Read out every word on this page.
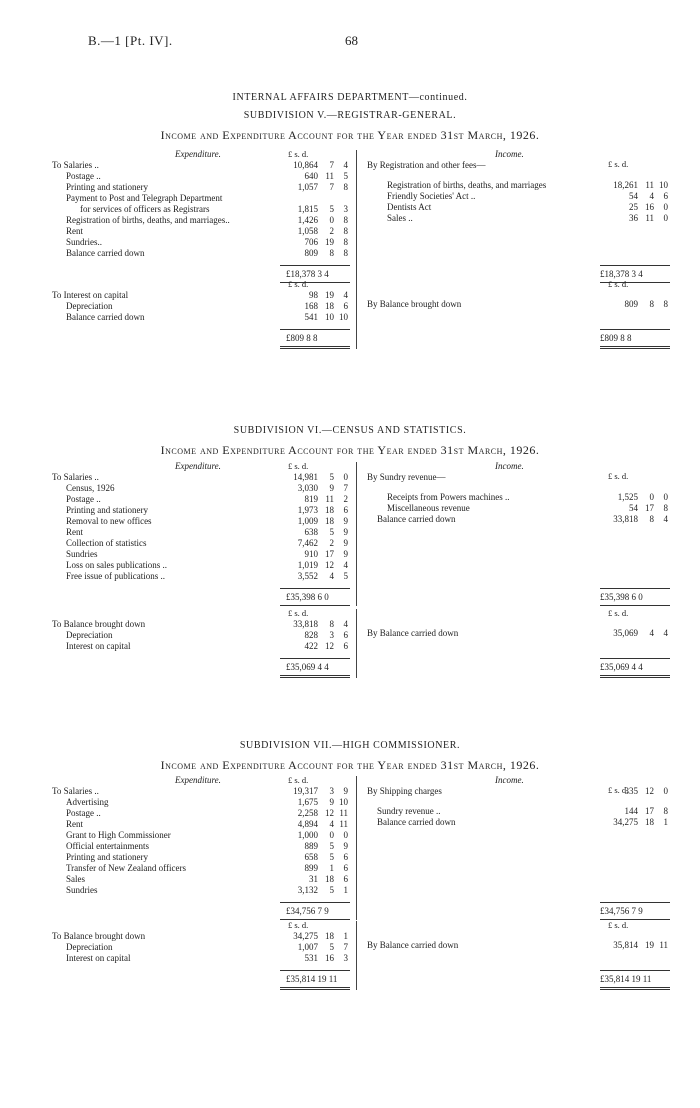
B.—1 [Pt. IV].	68
INTERNAL AFFAIRS DEPARTMENT—continued.
SUBDIVISION V.—REGISTRAR-GENERAL.
Income and Expenditure Account for the Year ended 31st March, 1926.
Expenditure.	Income.
£ s. d.
£ s. d.
To Salaries ..	10,864 7 4
Postage ..	640 11 5
Printing and stationery	1,057 7 8
Payment to Post and Telegraph Department
for services of officers as Registrars	1,815 5 3
Registration of births, deaths, and marriages..	1,426 0 8
Rent	1,058 2 8
Sundries..	706 19 8
Balance carried down	809 8 8
By Registration and other fees—
Registration of births, deaths, and marriages	18,261 11 10
Friendly Societies' Act ..	54 4 6
Dentists Act	25 16 0
Sales ..	36 11 0
£18,378 3 4	£18,378 3 4
£ s. d.	£ s. d.
To Interest on capital	98 19 4
Depreciation	168 18 6
Balance carried down	541 10 10
By Balance brought down	809 8 8
£809 8 8	£809 8 8
SUBDIVISION VI.—CENSUS AND STATISTICS.
Income and Expenditure Account for the Year ended 31st March, 1926.
Expenditure.	Income.
£ s. d.
£ s. d.
To Salaries ..	14,981 5 0
Census, 1926	3,030 9 7
Postage ..	819 11 2
Printing and stationery	1,973 18 6
Removal to new offices	1,009 18 9
Rent	638 5 9
Collection of statistics	7,462 2 9
Sundries	910 17 9
Loss on sales publications ..	1,019 12 4
Free issue of publications ..	3,552 4 5
By Sundry revenue—
Receipts from Powers machines ..	1,525 0 0
Miscellaneous revenue	54 17 8
Balance carried down	33,818 8 4
£35,398 6 0	£35,398 6 0
£ s. d.	£ s. d.
To Balance brought down	33,818 8 4
Depreciation	828 3 6
Interest on capital	422 12 6
By Balance carried down	35,069 4 4
£35,069 4 4	£35,069 4 4
SUBDIVISION VII.—HIGH COMMISSIONER.
Income and Expenditure Account for the Year ended 31st March, 1926.
Expenditure.	Income.
£ s. d.
£ s. d.
To Salaries ..	19,317 3 9
Advertising	1,675 9 10
Postage ..	2,258 12 11
Rent	4,894 4 11
Grant to High Commissioner	1,000 0 0
Official entertainments	889 5 9
Printing and stationery	658 5 6
Transfer of New Zealand officers	899 1 6
Sales	31 18 6
Sundries	3,132 5 1
By Shipping charges	335 12 0
Sundry revenue ..	144 17 8
Balance carried down	34,275 18 1
£34,756 7 9	£34,756 7 9
£ s. d.	£ s. d.
To Balance brought down	34,275 18 1
Depreciation	1,007 5 7
Interest on capital	531 16 3
By Balance carried down	35,814 19 11
£35,814 19 11	£35,814 19 11
